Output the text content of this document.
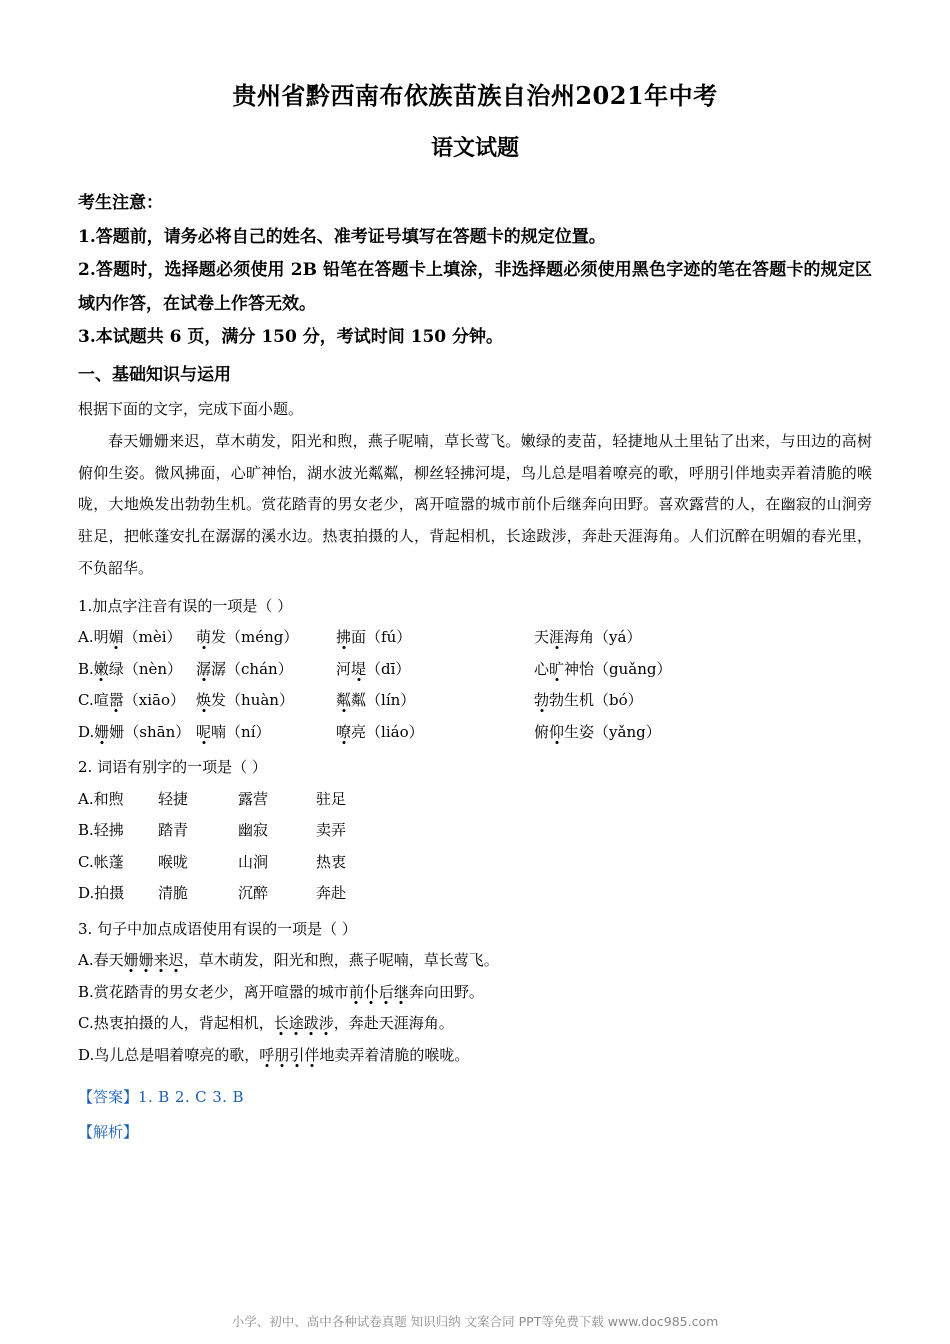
贵州省黔西南布依族苗族自治州2021年中考
语文试题

考生注意：

1.答题前，请务必将自己的姓名、准考证号填写在答题卡的规定位置。

2.答题时，选择题必须使用 2B 铅笔在答题卡上填涂，非选择题必须使用黑色字迹的笔在答题卡的规定区域内作答，在试卷上作答无效。

3.本试题共 6 页，满分 150 分，考试时间 150 分钟。

一、基础知识与运用

根据下面的文字，完成下面小题。

春天姗姗来迟，草木萌发，阳光和煦，燕子呢喃，草长莺飞。嫩绿的麦苗，轻捷地从土里钻了出来，与田边的高树俯仰生姿。微风拂面，心旷神怡，湖水波光粼粼，柳丝轻拂河堤，鸟儿总是唱着嘹亮的歌，呼朋引伴地卖弄着清脆的喉咙，大地焕发出勃勃生机。赏花踏青的男女老少，离开喧嚣的城市前仆后继奔向田野。喜欢露营的人，在幽寂的山涧旁驻足，把帐蓬安扎在潺潺的溪水边。热衷拍摄的人，背起相机，长途跋涉，奔赴天涯海角。人们沉醉在明媚的春光里，不负韶华。

1.加点字注音有误的一项是（ ）

A.明媚（mèi） 萌发（méng）	拂面（fú）	天涯海角（yá）

B.嫩绿（nèn） 潺潺（chán）	河堤（dī）	心旷神怡（guǎng）

C.喧嚣（xiāo） 焕发（huàn）	粼粼（lín）	勃勃生机（bó）

D.姗姗（shān） 呢喃（ní）	嘹亮（liáo）	俯仰生姿（yǎng）

2. 词语有别字的一项是（ ）

A.和煦 轻捷	露营	驻足

B.轻拂 踏青	幽寂	卖弄

C.帐蓬 喉咙	山涧	热衷

D.拍摄 清脆	沉醉	奔赴

3. 句子中加点成语使用有误的一项是（ ）

A.春天姗姗来迟，草木萌发，阳光和煦，燕子呢喃，草长莺飞。

B.赏花踏青的男女老少，离开喧嚣的城市前仆后继奔向田野。

C.热衷拍摄的人，背起相机，长途跋涉，奔赴天涯海角。

D.鸟儿总是唱着嘹亮的歌，呼朋引伴地卖弄着清脆的喉咙。

【答案】1. B 2. C 3. B

【解析】

小学、初中、高中各种试卷真题 知识归纳 文案合同 PPT等免费下载 www.doc985.com
